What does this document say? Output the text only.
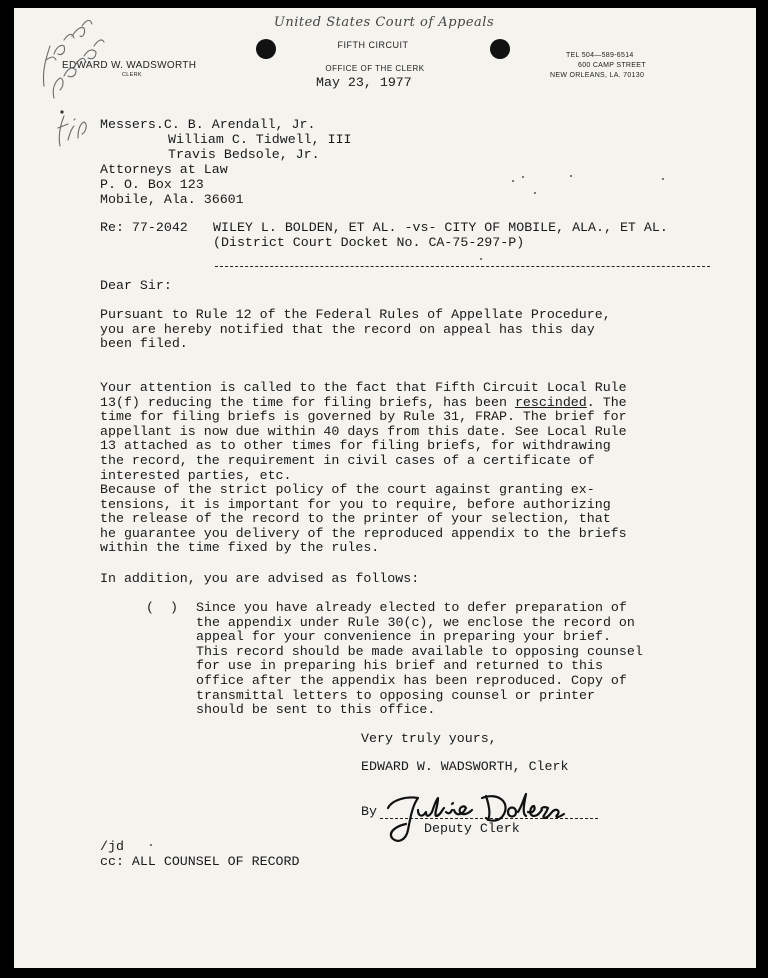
United States Court of Appeals
FIFTH CIRCUIT
EDWARD W. WADSWORTH
CLERK
OFFICE OF THE CLERK
May 23, 1977
TEL 504—589-6514
600 CAMP STREET
NEW ORLEANS, LA. 70130
Messers.C. B. Arendall, Jr.
William C. Tidwell, III
Travis Bedsole, Jr.
Attorneys at Law
P. O. Box 123
Mobile, Ala. 36601
Re: 77-2042 WILEY L. BOLDEN, ET AL. -vs- CITY OF MOBILE, ALA., ET AL.
(District Court Docket No. CA-75-297-P)
Dear Sir:
Pursuant to Rule 12 of the Federal Rules of Appellate Procedure,
you are hereby notified that the record on appeal has this day
been filed.
Your attention is called to the fact that Fifth Circuit Local Rule
13(f) reducing the time for filing briefs, has been rescinded. The
time for filing briefs is governed by Rule 31, FRAP. The brief for
appellant is now due within 40 days from this date. See Local Rule
13 attached as to other times for filing briefs, for withdrawing
the record, the requirement in civil cases of a certificate of
interested parties, etc.
Because of the strict policy of the court against granting ex-
tensions, it is important for you to require, before authorizing
the release of the record to the printer of your selection, that
he guarantee you delivery of the reproduced appendix to the briefs
within the time fixed by the rules.
In addition, you are advised as follows:
(  ) Since you have already elected to defer preparation of
the appendix under Rule 30(c), we enclose the record on
appeal for your convenience in preparing your brief.
This record should be made available to opposing counsel
for use in preparing his brief and returned to this
office after the appendix has been reproduced. Copy of
transmittal letters to opposing counsel or printer
should be sent to this office.
Very truly yours,
EDWARD W. WADSWORTH, Clerk
By
Deputy Clerk
/jd
cc: ALL COUNSEL OF RECORD
